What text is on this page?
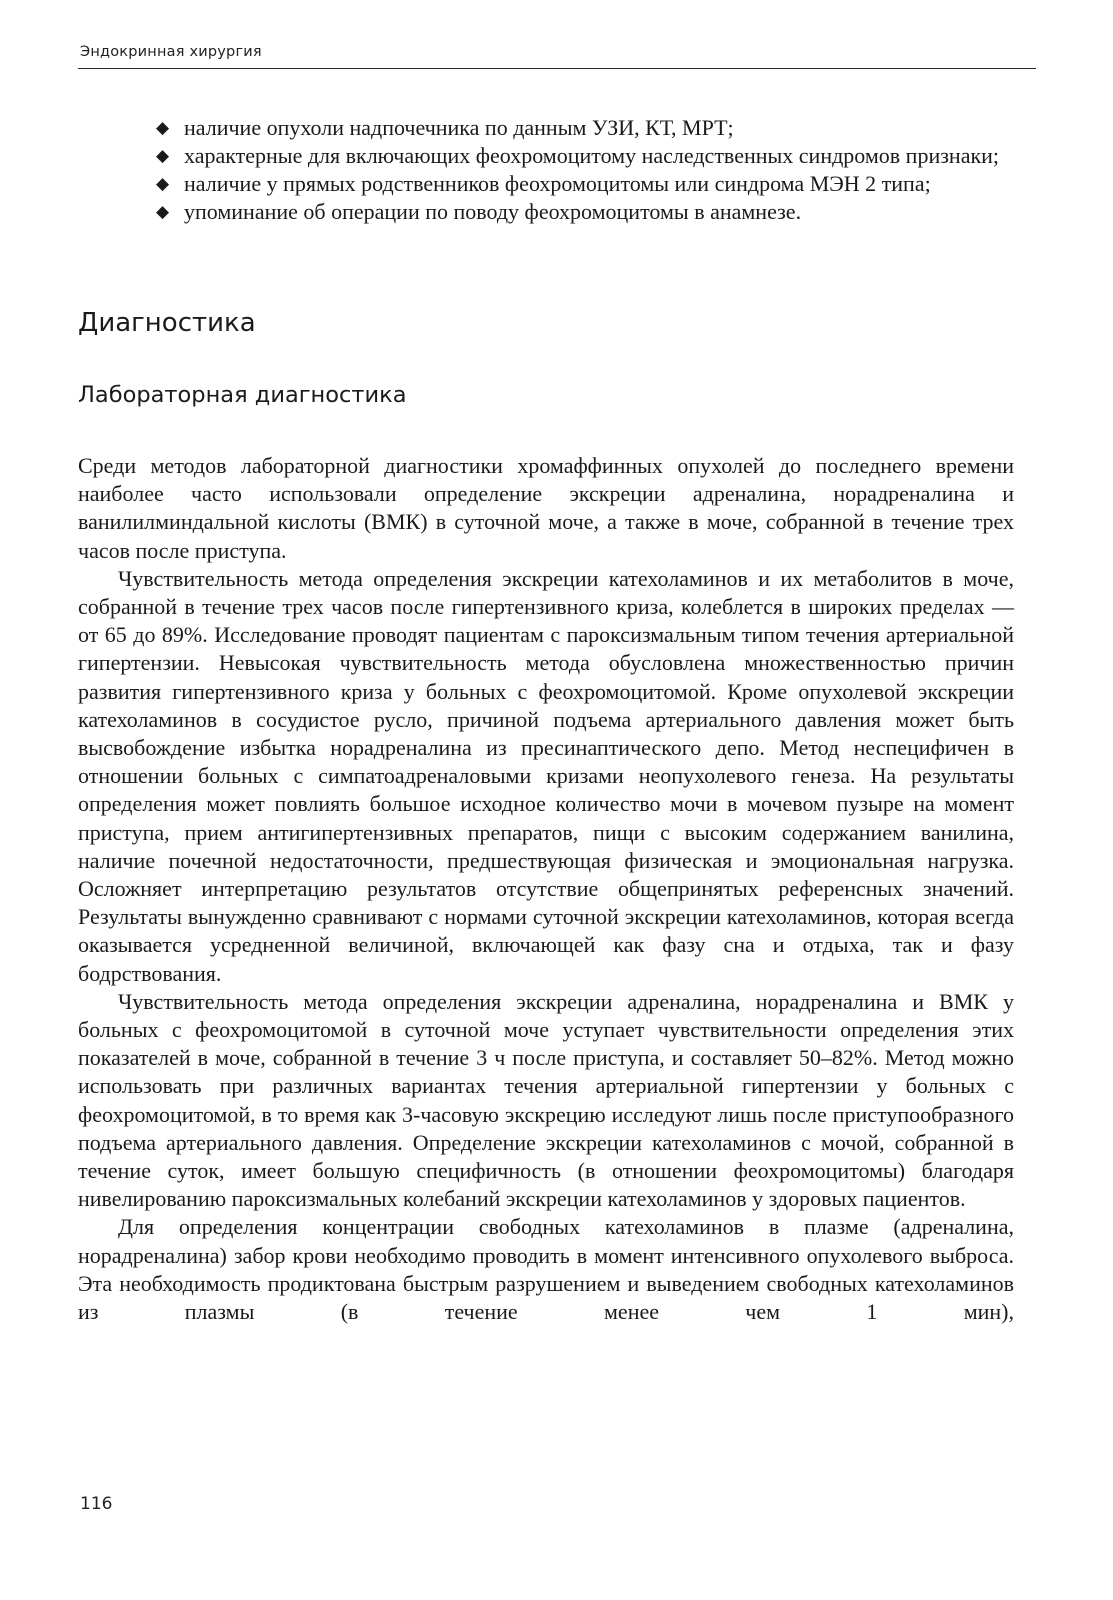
Эндокринная хирургия
◆ наличие опухоли надпочечника по данным УЗИ, КТ, МРТ;
◆ характерные для включающих феохромоцитому наследственных синдромов признаки;
◆ наличие у прямых родственников феохромоцитомы или синдрома МЭН 2 типа;
◆ упоминание об операции по поводу феохромоцитомы в анамнезе.
Диагностика
Лабораторная диагностика

Среди методов лабораторной диагностики хромаффинных опухолей до последнего времени наиболее часто использовали определение экскреции адреналина, норадреналина и ванилилминдальной кислоты (ВМК) в суточной моче, а также в моче, собранной в течение трех часов после приступа.

Чувствительность метода определения экскреции катехоламинов и их метаболитов в моче, собранной в течение трех часов после гипертензивного криза, колеблется в широких пределах — от 65 до 89%. Исследование проводят пациентам с пароксизмальным типом течения артериальной гипертензии. Невысокая чувствительность метода обусловлена множественностью причин развития гипертензивного криза у больных с феохромоцитомой. Кроме опухолевой экскреции катехоламинов в сосудистое русло, причиной подъема артериального давления может быть высвобождение избытка норадреналина из пресинаптического депо. Метод неспецифичен в отношении больных с симпатоадреналовыми кризами неопухолевого генеза. На результаты определения может повлиять большое исходное количество мочи в мочевом пузыре на момент приступа, прием антигипертензивных препаратов, пищи с высоким содержанием ванилина, наличие почечной недостаточности, предшествующая физическая и эмоциональная нагрузка. Осложняет интерпретацию результатов отсутствие общепринятых референсных значений. Результаты вынужденно сравнивают с нормами суточной экскреции катехоламинов, которая всегда оказывается усредненной величиной, включающей как фазу сна и отдыха, так и фазу бодрствования.

Чувствительность метода определения экскреции адреналина, норадреналина и ВМК у больных с феохромоцитомой в суточной моче уступает чувствительности определения этих показателей в моче, собранной в течение 3 ч после приступа, и составляет 50–82%. Метод можно использовать при различных вариантах течения артериальной гипертензии у больных с феохромоцитомой, в то время как 3-часовую экскрецию исследуют лишь после приступообразного подъема артериального давления. Определение экскреции катехоламинов с мочой, собранной в течение суток, имеет большую специфичность (в отношении феохромоцитомы) благодаря нивелированию пароксизмальных колебаний экскреции катехоламинов у здоровых пациентов.

Для определения концентрации свободных катехоламинов в плазме (адреналина, норадреналина) забор крови необходимо проводить в момент интенсивного опухолевого выброса. Эта необходимость продиктована быстрым разрушением и выведением свободных катехоламинов из плазмы (в течение менее чем 1 мин),

116
